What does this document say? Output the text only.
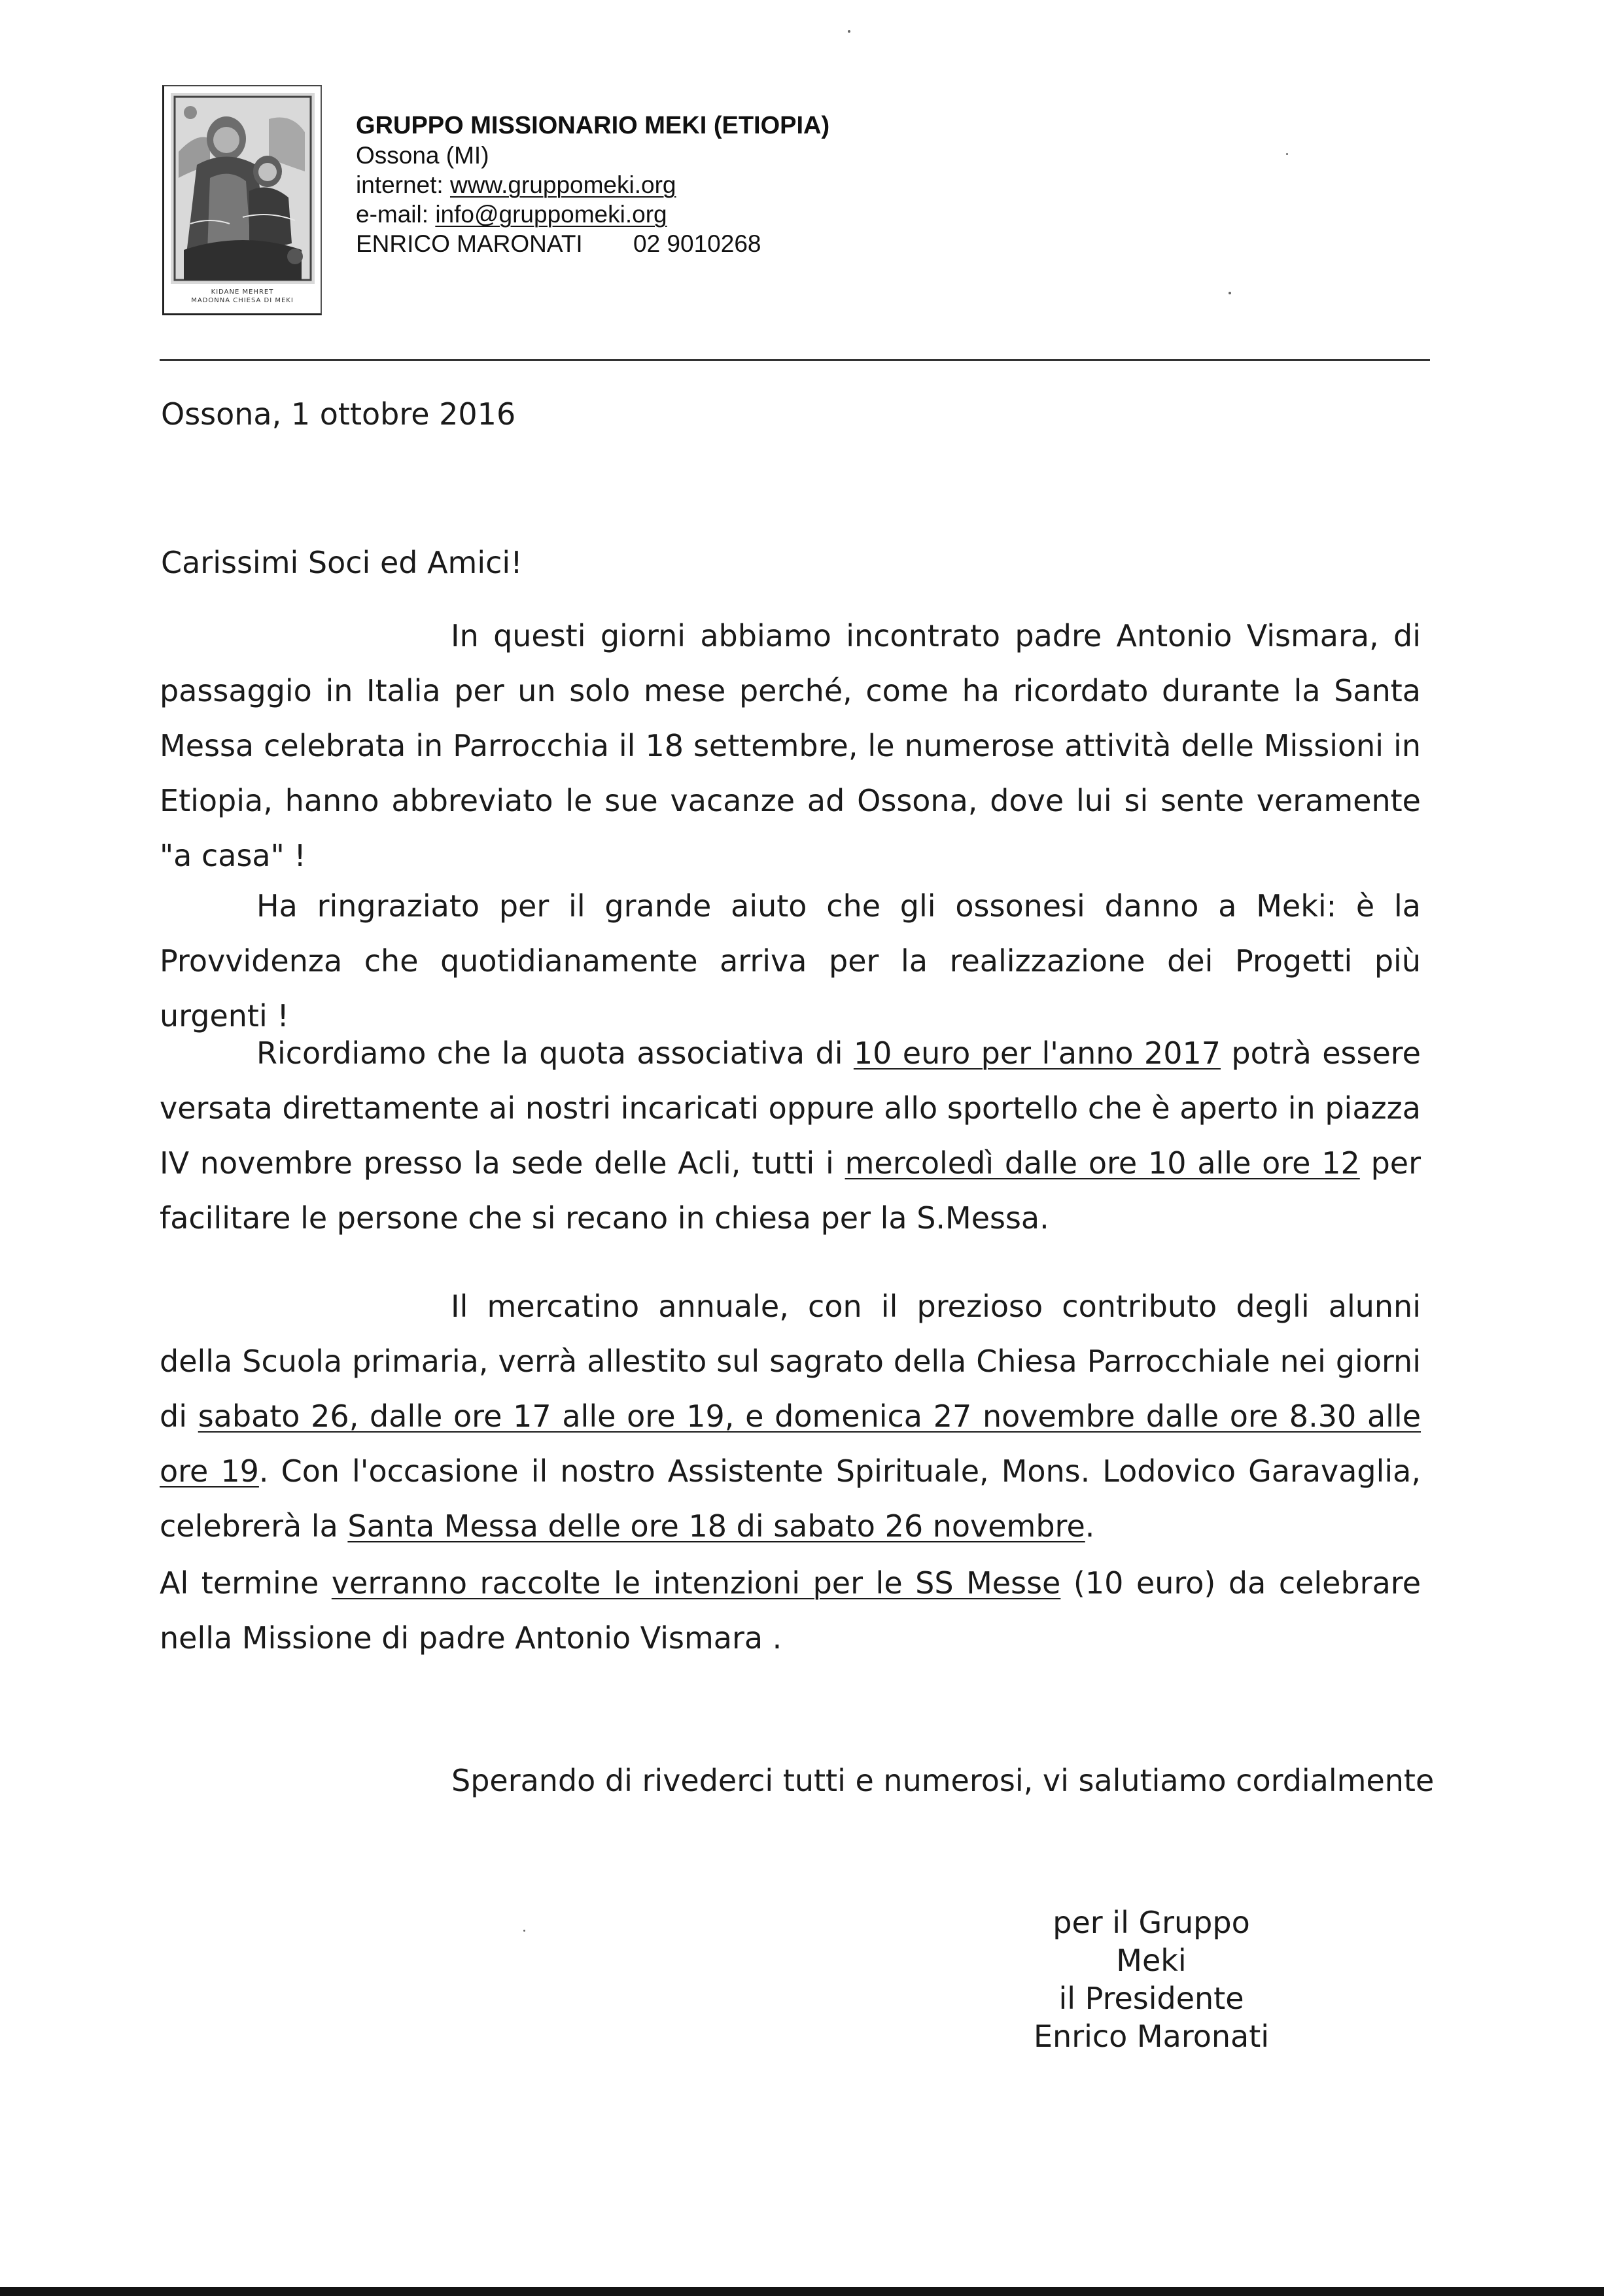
KIDANE MEHRET
MADONNA CHIESA DI MEKI
GRUPPO MISSIONARIO MEKI (ETIOPIA)
Ossona (MI)
internet: www.gruppomeki.org
e-mail: info@gruppomeki.org
ENRICO MARONATI 02 9010268
Ossona, 1 ottobre 2016
Carissimi Soci ed Amici!

In questi giorni abbiamo incontrato padre Antonio Vismara, di passaggio in Italia per un solo mese perché, come ha ricordato durante la Santa Messa celebrata in Parrocchia il 18 settembre, le numerose attività delle Missioni in Etiopia, hanno abbreviato le sue vacanze ad Ossona, dove lui si sente veramente "a casa" !

Ha ringraziato per il grande aiuto che gli ossonesi danno a Meki: è la Provvidenza che quotidianamente arriva per la realizzazione dei Progetti più urgenti !

Ricordiamo che la quota associativa di 10 euro per l'anno 2017 potrà essere versata direttamente ai nostri incaricati oppure allo sportello che è aperto in piazza IV novembre presso la sede delle Acli, tutti i mercoledì dalle ore 10 alle ore 12 per facilitare le persone che si recano in chiesa per la S.Messa.

Il mercatino annuale, con il prezioso contributo degli alunni della Scuola primaria, verrà allestito sul sagrato della Chiesa Parrocchiale nei giorni di sabato 26, dalle ore 17 alle ore 19, e domenica 27 novembre dalle ore 8.30 alle ore 19. Con l'occasione il nostro Assistente Spirituale, Mons. Lodovico Garavaglia, celebrerà la Santa Messa delle ore 18 di sabato 26 novembre.

Al termine verranno raccolte le intenzioni per le SS Messe (10 euro) da celebrare nella Missione di padre Antonio Vismara .

Sperando di rivederci tutti e numerosi, vi salutiamo cordialmente
per il Gruppo Meki
il Presidente
Enrico Maronati
